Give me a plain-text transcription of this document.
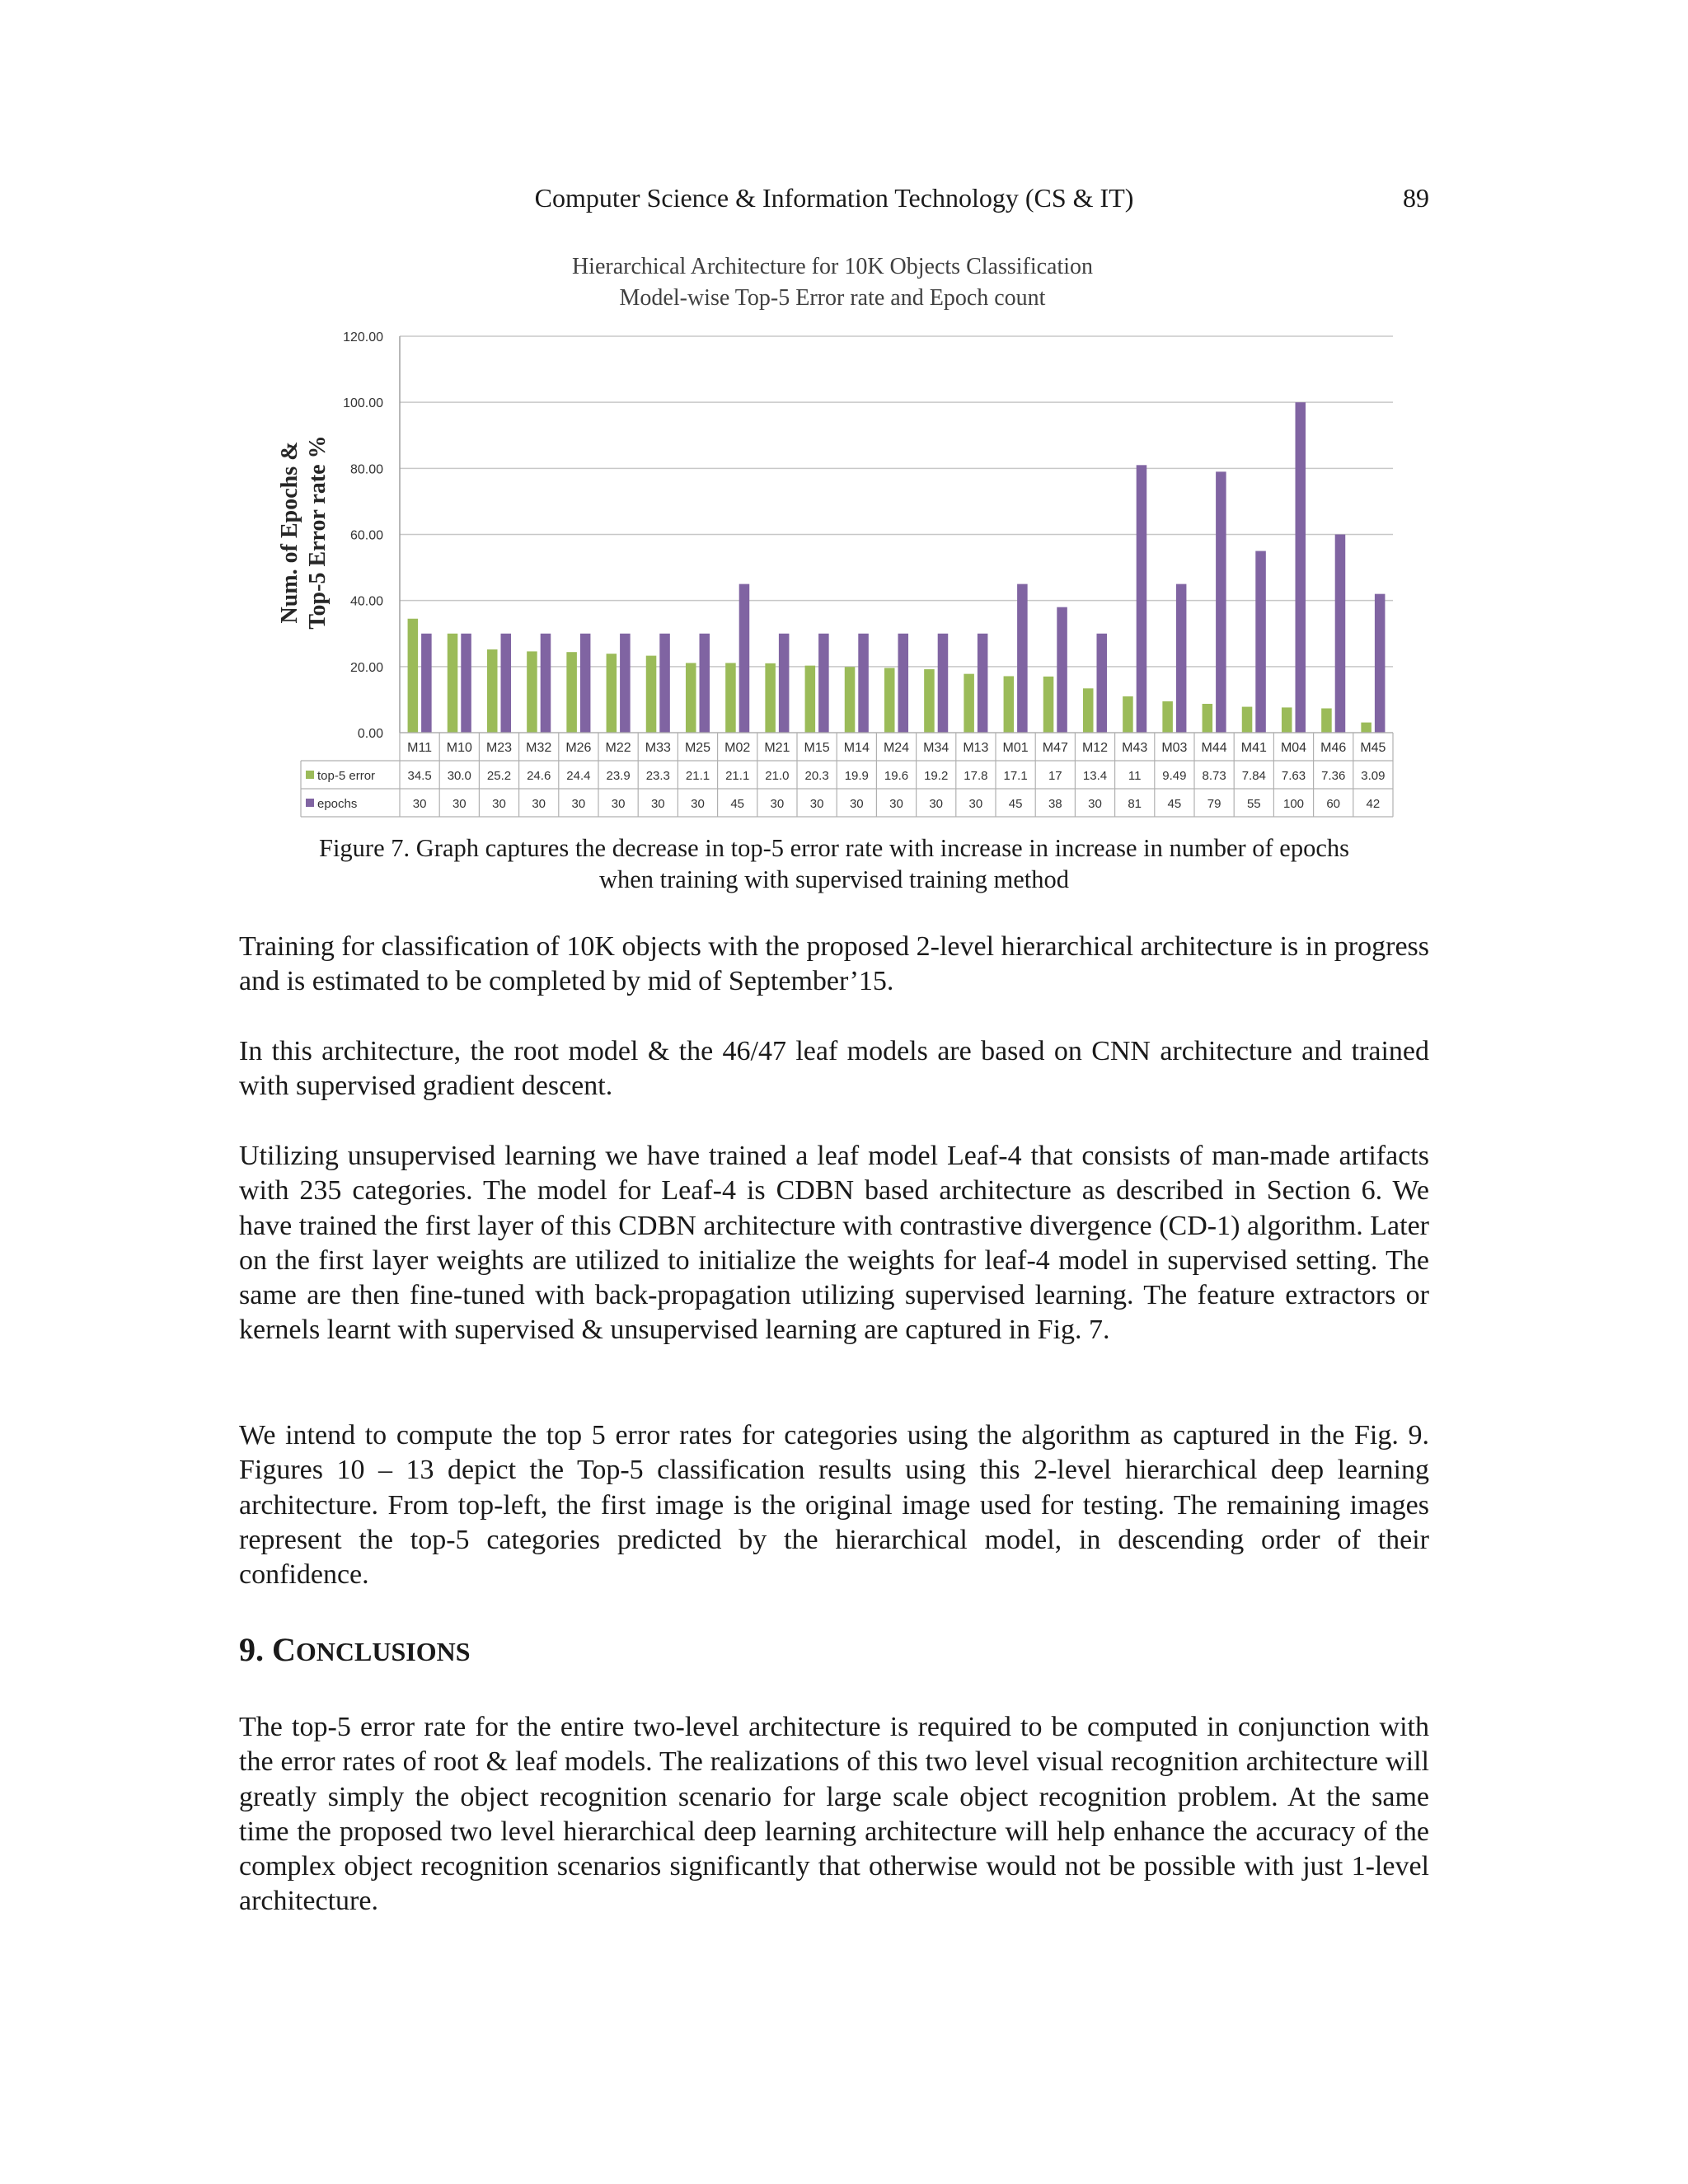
Computer Science & Information Technology (CS & IT)	89
Hierarchical Architecture for 10K Objects Classification
Model-wise Top-5 Error rate and Epoch count
Num. of Epochs & Top-5 Error rate %
0.00
20.00
40.00
60.00
80.00
100.00
120.00
M11
34.5
30
M10
30.0
30
M23
25.2
30
M32
24.6
30
M26
24.4
30
M22
23.9
30
M33
23.3
30
M25
21.1
30
M02
21.1
45
M21
21.0
30
M15
20.3
30
M14
19.9
30
M24
19.6
30
M34
19.2
30
M13
17.8
30
M01
17.1
45
M47
17
38
M12
13.4
30
M43
11
81
M03
9.49
45
M44
8.73
79
M41
7.84
55
M04
7.63
100
M46
7.36
60
M45
3.09
42
top-5 error
epochs
Figure 7. Graph captures the decrease in top-5 error rate with increase in increase in number of epochs
when training with supervised training method

Training for classification of 10K objects with the proposed 2-level hierarchical architecture is in progress and is estimated to be completed by mid of September’15.

In this architecture, the root model & the 46/47 leaf models are based on CNN architecture and trained with supervised gradient descent.

Utilizing unsupervised learning we have trained a leaf model Leaf-4 that consists of man-made artifacts with 235 categories. The model for Leaf-4 is CDBN based architecture as described in Section 6. We have trained the first layer of this CDBN architecture with contrastive divergence (CD-1) algorithm. Later on the first layer weights are utilized to initialize the weights for leaf-4 model in supervised setting. The same are then fine-tuned with back-propagation utilizing supervised learning. The feature extractors or kernels learnt with supervised & unsupervised learning are captured in Fig. 7.

We intend to compute the top 5 error rates for categories using the algorithm as captured in the Fig. 9. Figures 10 – 13 depict the Top-5 classification results using this 2-level hierarchical deep learning architecture. From top-left, the first image is the original image used for testing. The remaining images represent the top-5 categories predicted by the hierarchical model, in descending order of their confidence.

9. CONCLUSIONS

The top-5 error rate for the entire two-level architecture is required to be computed in conjunction with the error rates of root & leaf models. The realizations of this two level visual recognition architecture will greatly simply the object recognition scenario for large scale object recognition problem. At the same time the proposed two level hierarchical deep learning architecture will help enhance the accuracy of the complex object recognition scenarios significantly that otherwise would not be possible with just 1-level architecture.
